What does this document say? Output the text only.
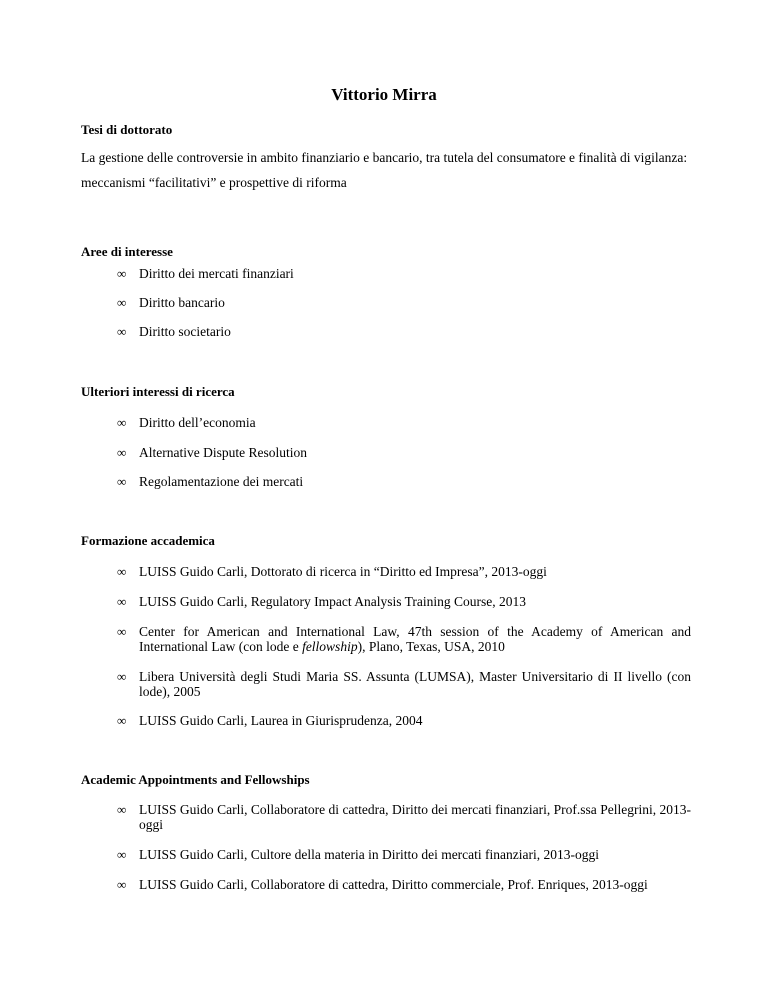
Vittorio Mirra
Tesi di dottorato
La gestione delle controversie in ambito finanziario e bancario, tra tutela del consumatore e finalità di vigilanza: meccanismi “facilitativi” e prospettive di riforma
Aree di interesse
∞ Diritto dei mercati finanziari
∞ Diritto bancario
∞ Diritto societario
Ulteriori interessi di ricerca
∞ Diritto dell’economia
∞ Alternative Dispute Resolution
∞ Regolamentazione dei mercati
Formazione accademica
∞ LUISS Guido Carli, Dottorato di ricerca in “Diritto ed Impresa”, 2013-oggi
∞ LUISS Guido Carli, Regulatory Impact Analysis Training Course, 2013
∞ Center for American and International Law, 47th session of the Academy of American and International Law (con lode e fellowship), Plano, Texas, USA, 2010
∞ Libera Università degli Studi Maria SS. Assunta (LUMSA), Master Universitario di II livello (con lode), 2005
∞ LUISS Guido Carli, Laurea in Giurisprudenza, 2004
Academic Appointments and Fellowships
∞ LUISS Guido Carli, Collaboratore di cattedra, Diritto dei mercati finanziari, Prof.ssa Pellegrini, 2013-oggi
∞ LUISS Guido Carli, Cultore della materia in Diritto dei mercati finanziari, 2013-oggi
∞ LUISS Guido Carli, Collaboratore di cattedra, Diritto commerciale, Prof. Enriques, 2013-oggi
